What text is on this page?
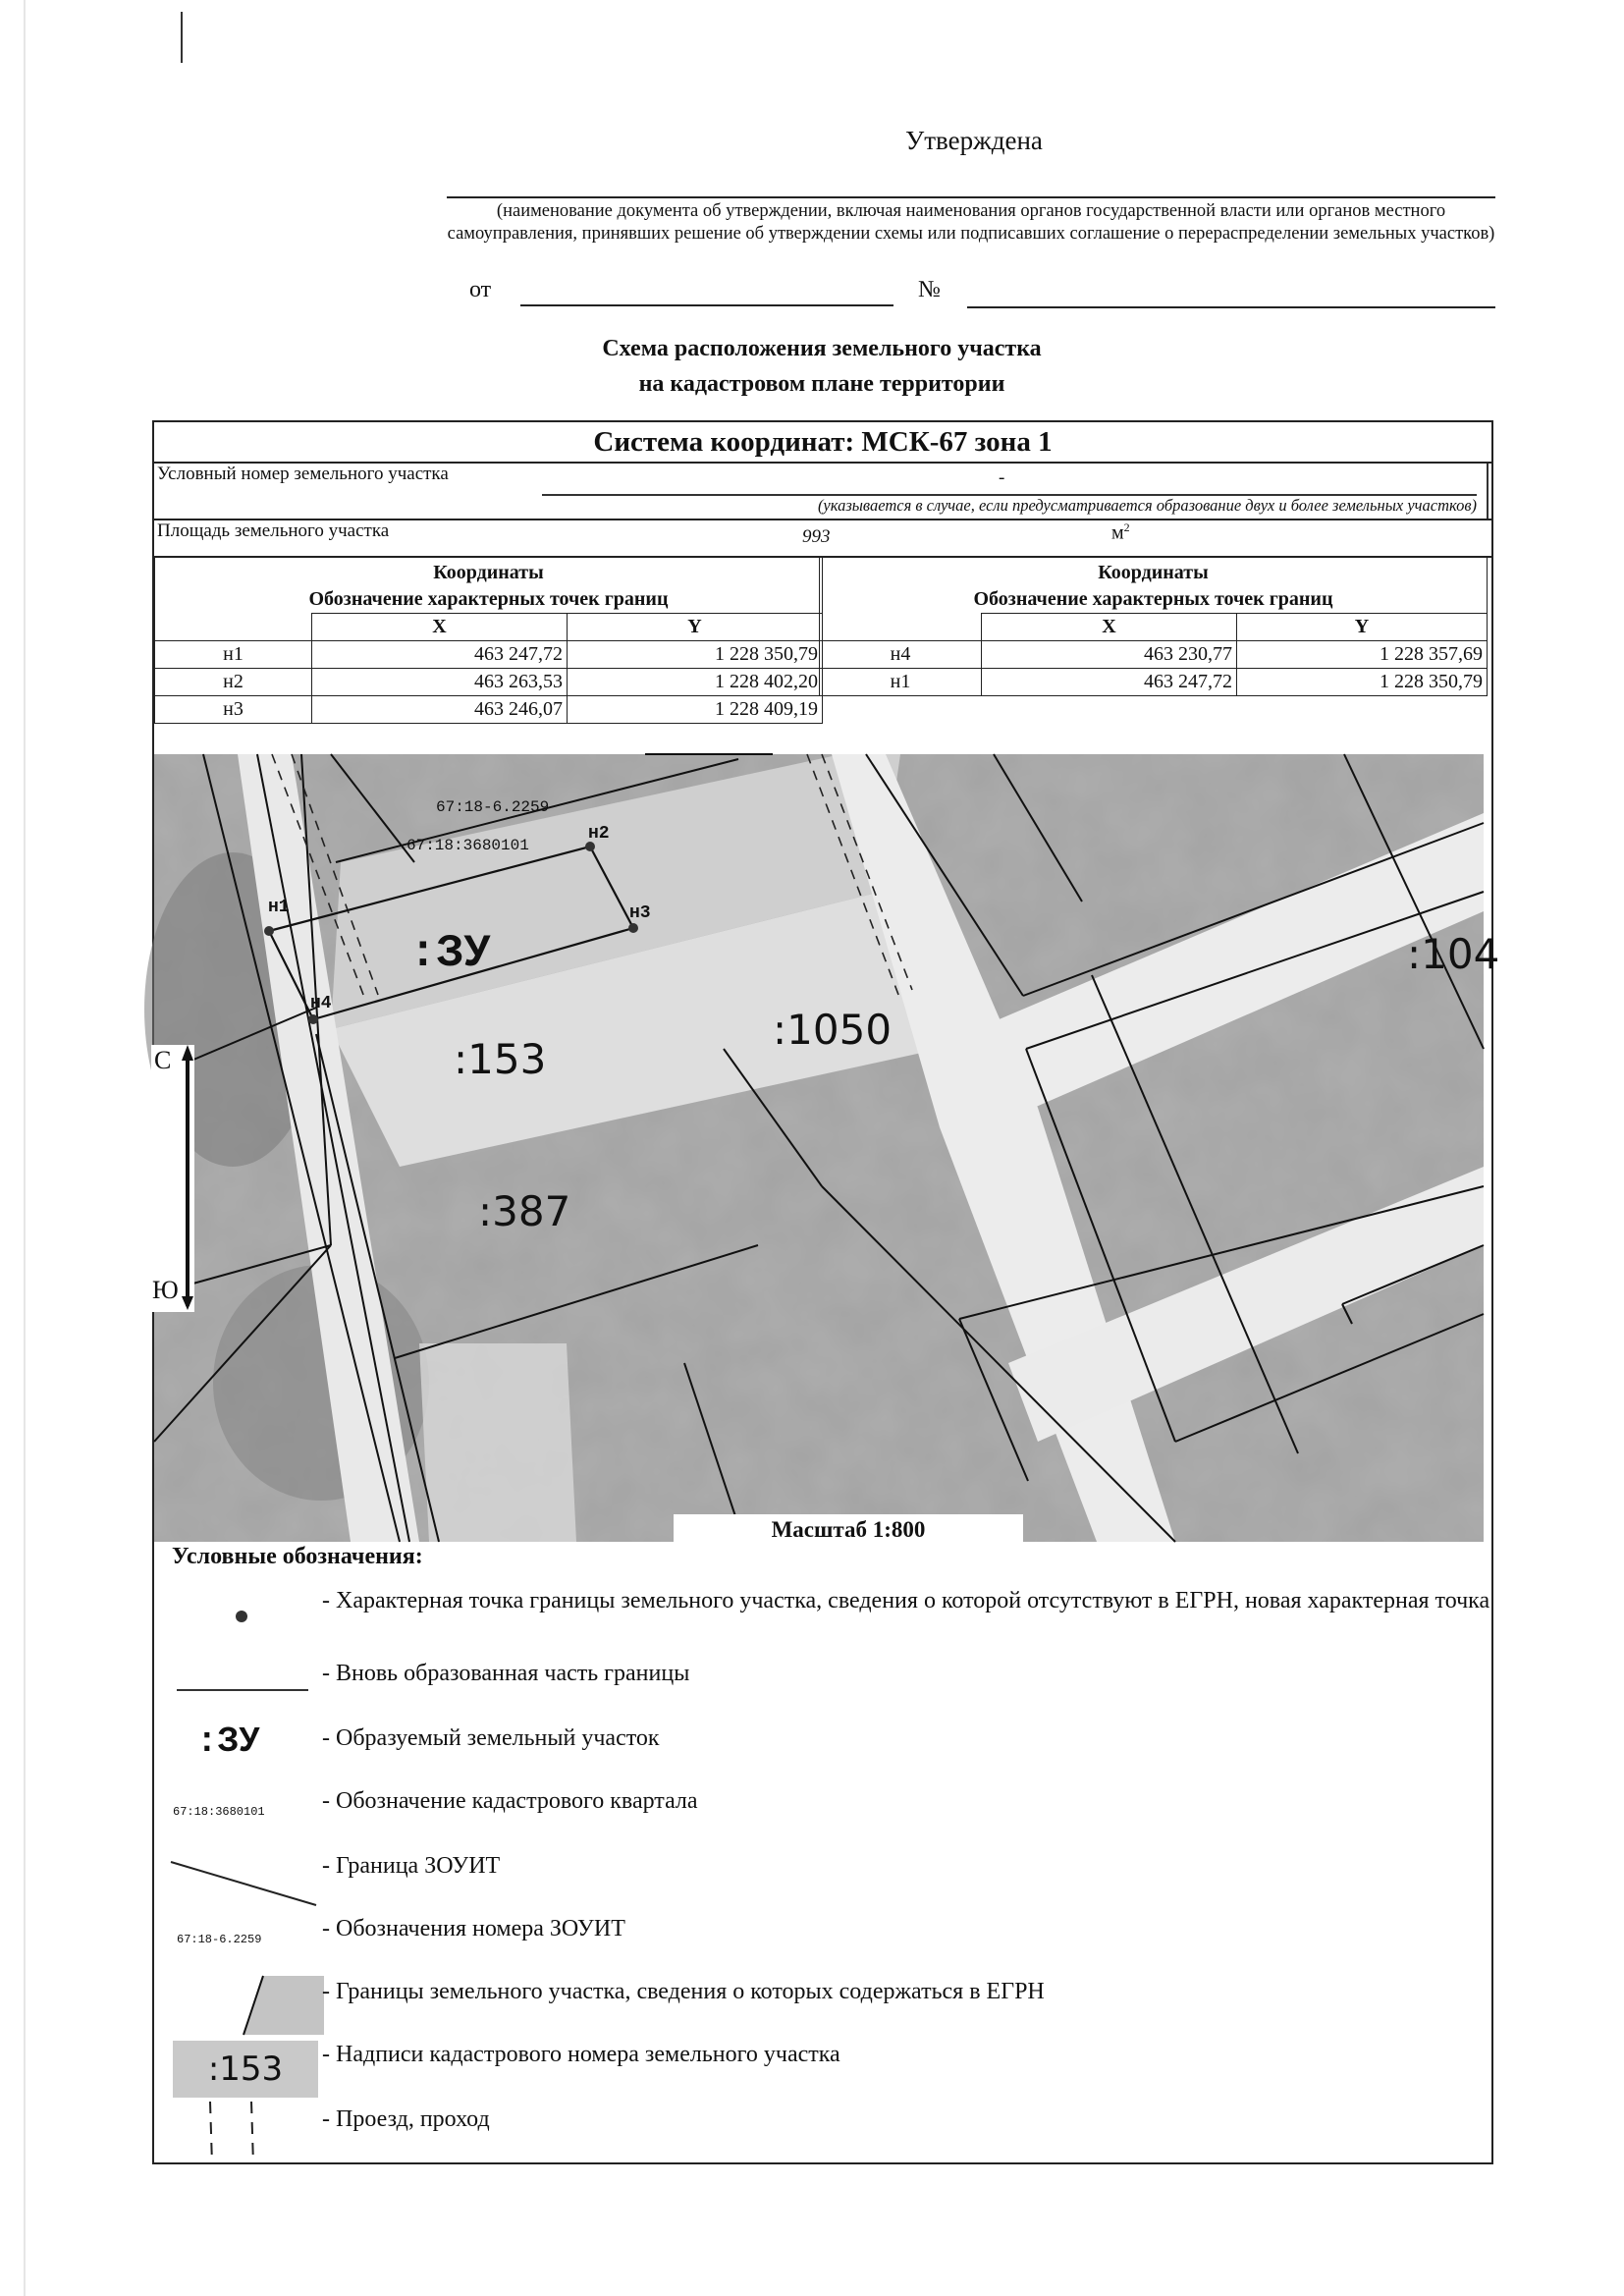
Утверждена
(наименование документа об утверждении, включая наименования органов государственной власти или органов местного самоуправления, принявших решение об утверждении схемы или подписавших соглашение о перераспределении земельных участков)
от	№
Схема расположения земельного участка
на кадастровом плане территории
Система координат: МСК-67 зона 1
Условный номер земельного участка	-
(указывается в случае, если предусматривается образование двух и более земельных участков)
Площадь земельного участка	993	$м^2$
Координаты
Обозначение характерных точек границ		

	X	Y
н1	463 247,72	1 228 350,79
н2	463 263,53	1 228 402,20
н3	463 246,07	1 228 409,19
Координаты
Обозначение характерных точек границ		

	X	Y
н4	463 230,77	1 228 357,69
н1	463 247,72	1 228 350,79
н1
н2
н3
н4
67:18-6.2259
67:18:3680101
:ЗУ
:153
:387
:1050
:104
С
Ю
Масштаб 1:800
Условные обозначения:
- Характерная точка границы земельного участка, сведения о которой отсутствуют в ЕГРН, новая характерная точка
- Вновь образованная часть границы
:ЗУ	- Образуемый земельный участок
67:18:3680101 - Обозначение кадастрового квартала
- Граница ЗОУИТ
67:18-6.2259	- Обозначения номера ЗОУИТ
- Границы земельного участка, сведения о которых содержаться в ЕГРН
:153	- Надписи кадастрового номера земельного участка
- Проезд, проход
